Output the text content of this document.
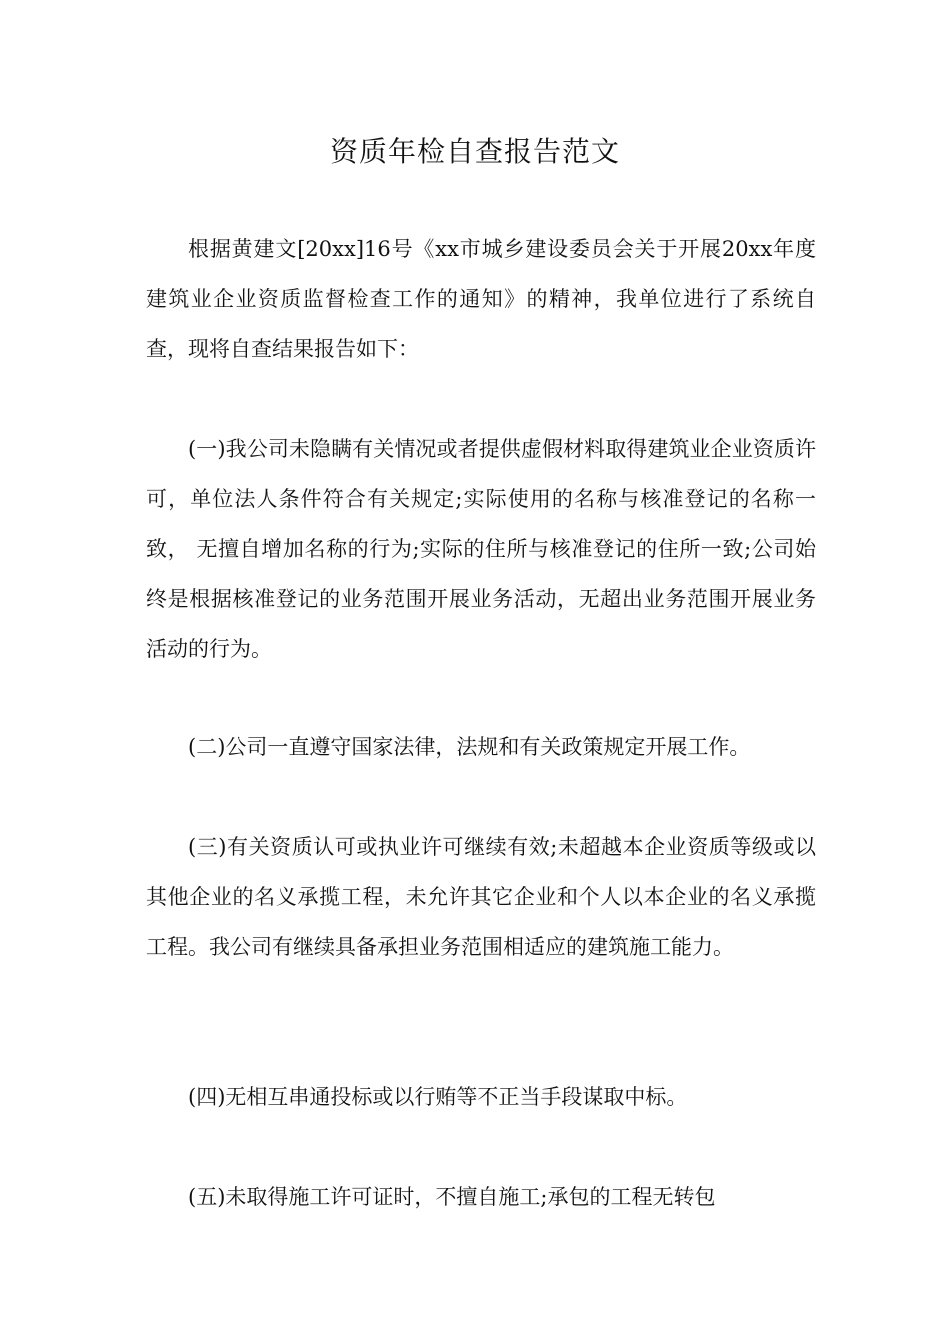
资质年检自查报告范文

根据黄建文[20xx]16号《xx市城乡建设委员会关于开展20xx年度建筑业企业资质监督检查工作的通知》的精神，我单位进行了系统自查，现将自查结果报告如下：

(一)我公司未隐瞒有关情况或者提供虚假材料取得建筑业企业资质许可，单位法人条件符合有关规定;实际使用的名称与核准登记的名称一致， 无擅自增加名称的行为;实际的住所与核准登记的住所一致;公司始终是根据核准登记的业务范围开展业务活动，无超出业务范围开展业务活动的行为。

(二)公司一直遵守国家法律，法规和有关政策规定开展工作。

(三)有关资质认可或执业许可继续有效;未超越本企业资质等级或以其他企业的名义承揽工程，未允许其它企业和个人以本企业的名义承揽工程。我公司有继续具备承担业务范围相适应的建筑施工能力。

(四)无相互串通投标或以行贿等不正当手段谋取中标。

(五)未取得施工许可证时，不擅自施工;承包的工程无转包
